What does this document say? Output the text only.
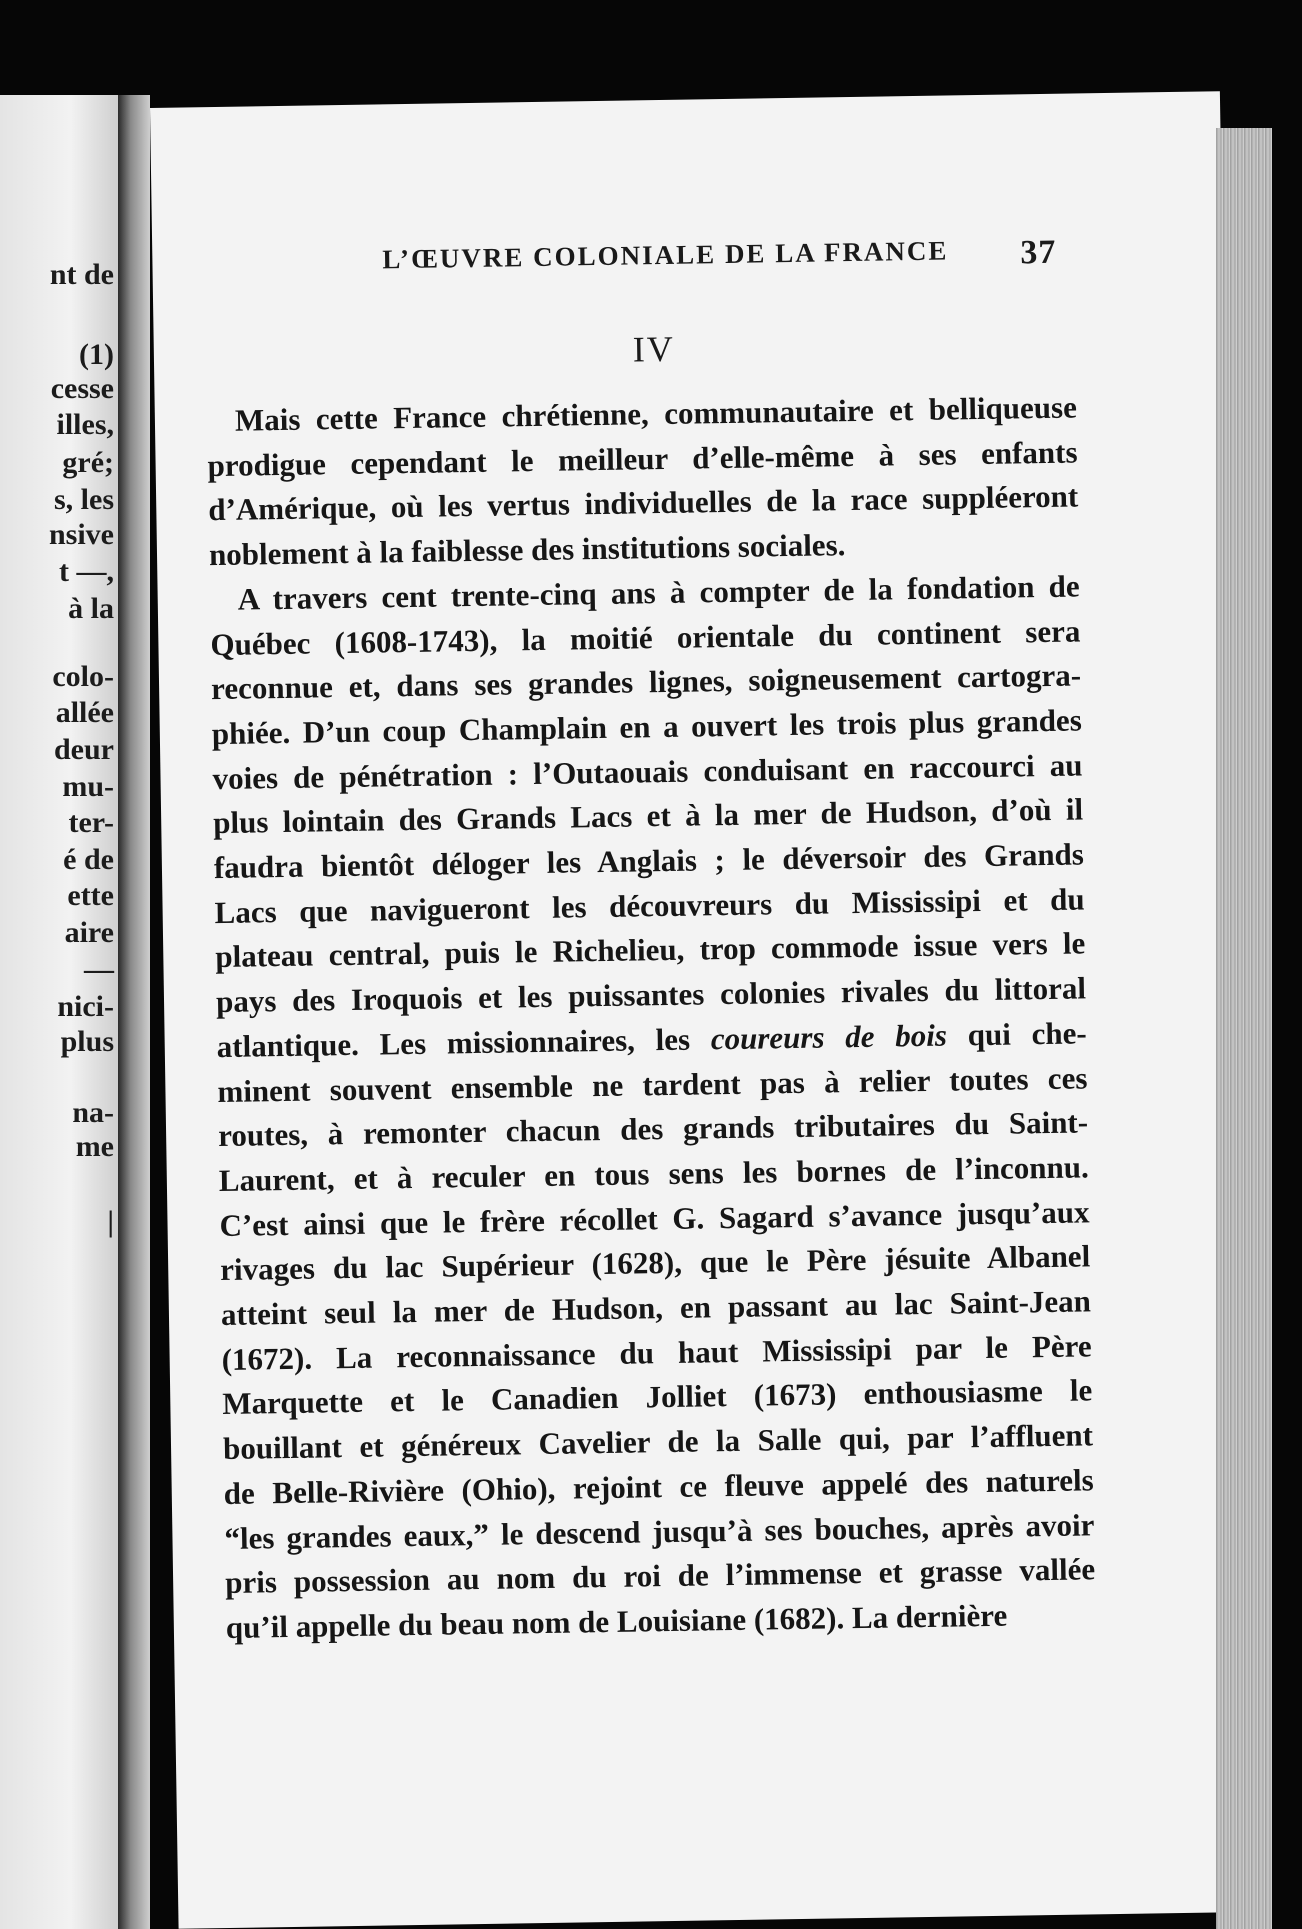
nt de
(1)
cesse
illes,
gré;
s, les
nsive
t —,
à la
colo-
allée
deur
mu-
ter-
é de
ette
aire
—
nici-
plus
na-
me
|
L’ŒUVRE COLONIALE DE LA FRANCE 37
IV
Mais cette France chrétienne, communautaire et belliqueuse
prodigue cependant le meilleur d’elle-même à ses enfants
d’Amérique, où les vertus individuelles de la race suppléeront
noblement à la faiblesse des institutions sociales.
A travers cent trente-cinq ans à compter de la fondation de
Québec (1608-1743), la moitié orientale du continent sera
reconnue et, dans ses grandes lignes, soigneusement cartogra-
phiée. D’un coup Champlain en a ouvert les trois plus grandes
voies de pénétration : l’Outaouais conduisant en raccourci au
plus lointain des Grands Lacs et à la mer de Hudson, d’où il
faudra bientôt déloger les Anglais ; le déversoir des Grands
Lacs que navigueront les découvreurs du Mississipi et du
plateau central, puis le Richelieu, trop commode issue vers le
pays des Iroquois et les puissantes colonies rivales du littoral
atlantique. Les missionnaires, les coureurs de bois qui che-
minent souvent ensemble ne tardent pas à relier toutes ces
routes, à remonter chacun des grands tributaires du Saint-
Laurent, et à reculer en tous sens les bornes de l’inconnu.
C’est ainsi que le frère récollet G. Sagard s’avance jusqu’aux
rivages du lac Supérieur (1628), que le Père jésuite Albanel
atteint seul la mer de Hudson, en passant au lac Saint-Jean
(1672). La reconnaissance du haut Mississipi par le Père
Marquette et le Canadien Jolliet (1673) enthousiasme le
bouillant et généreux Cavelier de la Salle qui, par l’affluent
de Belle-Rivière (Ohio), rejoint ce fleuve appelé des naturels
“les grandes eaux,” le descend jusqu’à ses bouches, après avoir
pris possession au nom du roi de l’immense et grasse vallée
qu’il appelle du beau nom de Louisiane (1682). La dernière
